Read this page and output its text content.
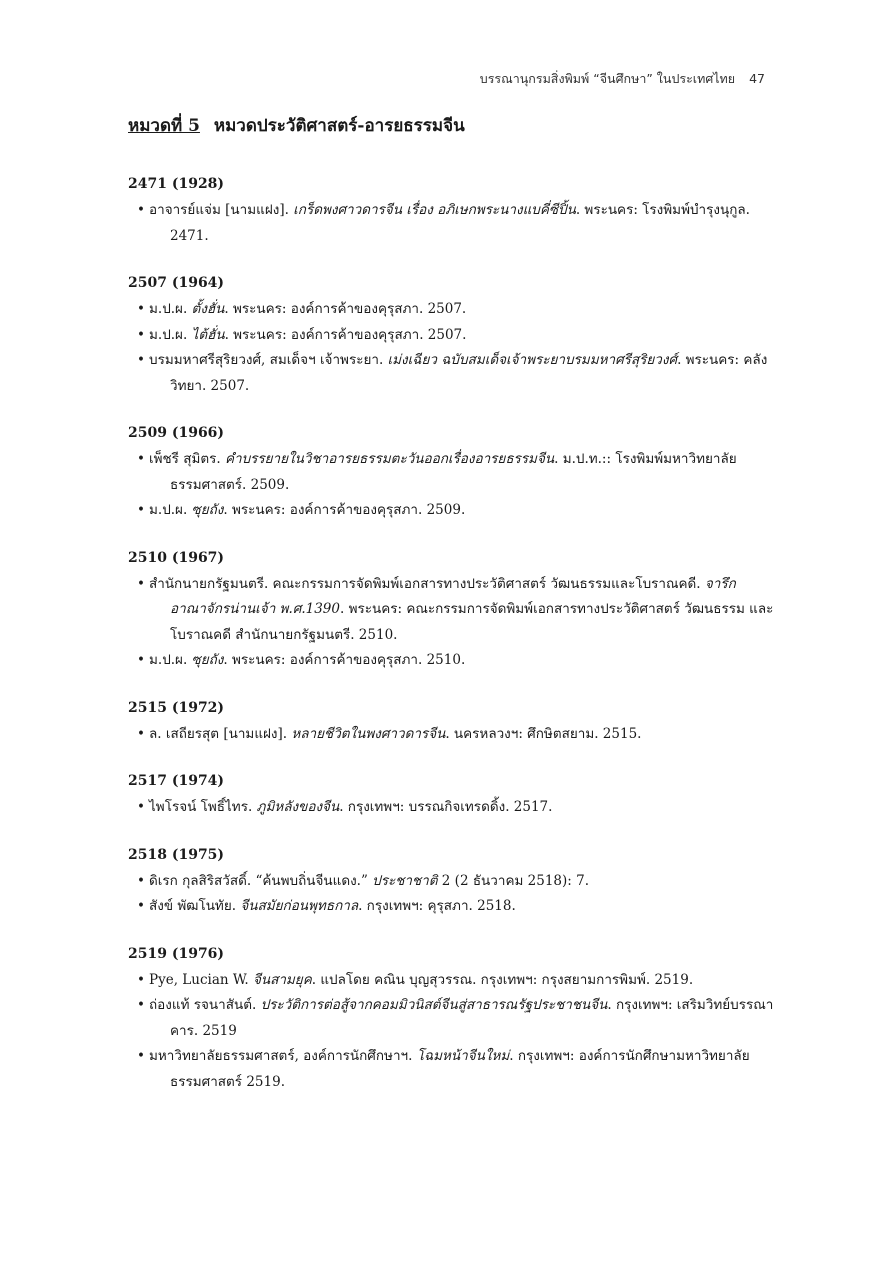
บรรณานุกรมสิ่งพิมพ์ “จีนศึกษา” ในประเทศไทย 47
หมวดที่ 5 หมวดประวัติศาสตร์-อารยธรรมจีน
2471 (1928)
• อาจารย์แจ่ม [นามแฝง]. เกร็ดพงศาวดารจีน เรื่อง อภิเษกพระนางแบคี่ซีปิ้น. พระนคร: โรงพิมพ์บำรุงนุกูล. 2471.
2507 (1964)
• ม.ป.ผ. ตั้งฮั่น. พระนคร: องค์การค้าของคุรุสภา. 2507.
• ม.ป.ผ. ไต้ฮั่น. พระนคร: องค์การค้าของคุรุสภา. 2507.
• บรมมหาศรีสุริยวงศ์, สมเด็จฯ เจ้าพระยา. เม่งเฉียว ฉบับสมเด็จเจ้าพระยาบรมมหาศรีสุริยวงศ์. พระนคร: คลังวิทยา. 2507.
2509 (1966)
• เพ็ชรี สุมิตร. คำบรรยายในวิชาอารยธรรมตะวันออกเรื่องอารยธรรมจีน. ม.ป.ท.:: โรงพิมพ์มหาวิทยาลัยธรรมศาสตร์. 2509.
• ม.ป.ผ. ซุยถัง. พระนคร: องค์การค้าของคุรุสภา. 2509.
2510 (1967)
• สำนักนายกรัฐมนตรี. คณะกรรมการจัดพิมพ์เอกสารทางประวัติศาสตร์ วัฒนธรรมและโบราณคดี. จารึกอาณาจักรน่านเจ้า พ.ศ.1390. พระนคร: คณะกรรมการจัดพิมพ์เอกสารทางประวัติศาสตร์ วัฒนธรรม และโบราณคดี สำนักนายกรัฐมนตรี. 2510.
• ม.ป.ผ. ซุยถัง. พระนคร: องค์การค้าของคุรุสภา. 2510.
2515 (1972)
• ล. เสถียรสุต [นามแฝง]. หลายชีวิตในพงศาวดารจีน. นครหลวงฯ: ศึกษิตสยาม. 2515.
2517 (1974)
• ไพโรจน์ โพธิ์ไทร. ภูมิหลังของจีน. กรุงเทพฯ: บรรณกิจเทรดดิ้ง. 2517.
2518 (1975)
• ดิเรก กุลสิริสวัสดิ์. “ค้นพบถิ่นจีนแดง.” ประชาชาติ 2 (2 ธันวาคม 2518): 7.
• สังข์ พัฒโนทัย. จีนสมัยก่อนพุทธกาล. กรุงเทพฯ: คุรุสภา. 2518.
2519 (1976)
• Pye, Lucian W. จีนสามยุค. แปลโดย คณิน บุญสุวรรณ. กรุงเทพฯ: กรุงสยามการพิมพ์. 2519.
• ถ่องแท้ รจนาสันต์. ประวัติการต่อสู้จากคอมมิวนิสต์จีนสู่สาธารณรัฐประชาชนจีน. กรุงเทพฯ: เสริมวิทย์บรรณาคาร. 2519
• มหาวิทยาลัยธรรมศาสตร์, องค์การนักศึกษาฯ. โฉมหน้าจีนใหม่. กรุงเทพฯ: องค์การนักศึกษามหาวิทยาลัยธรรมศาสตร์ 2519.
